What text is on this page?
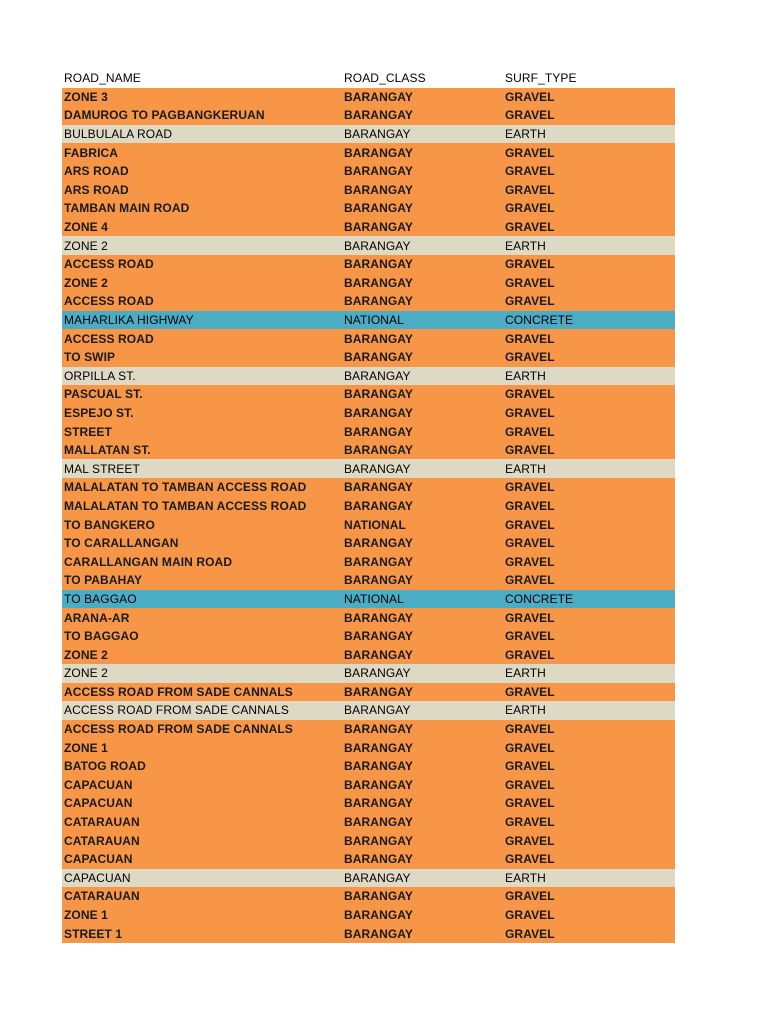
ROAD_NAME	ROAD_CLASS	SURF_TYPE
ZONE 3	BARANGAY	GRAVEL
DAMUROG TO PAGBANGKERUAN	BARANGAY	GRAVEL
BULBULALA ROAD	BARANGAY	EARTH
FABRICA	BARANGAY	GRAVEL
ARS ROAD	BARANGAY	GRAVEL
ARS ROAD	BARANGAY	GRAVEL
TAMBAN MAIN ROAD	BARANGAY	GRAVEL
ZONE 4	BARANGAY	GRAVEL
ZONE 2	BARANGAY	EARTH
ACCESS ROAD	BARANGAY	GRAVEL
ZONE 2	BARANGAY	GRAVEL
ACCESS ROAD	BARANGAY	GRAVEL
MAHARLIKA HIGHWAY	NATIONAL	CONCRETE
ACCESS ROAD	BARANGAY	GRAVEL
TO SWIP	BARANGAY	GRAVEL
ORPILLA ST.	BARANGAY	EARTH
PASCUAL ST.	BARANGAY	GRAVEL
ESPEJO ST.	BARANGAY	GRAVEL
STREET	BARANGAY	GRAVEL
MALLATAN ST.	BARANGAY	GRAVEL
MAL STREET	BARANGAY	EARTH
MALALATAN TO TAMBAN ACCESS ROAD	BARANGAY	GRAVEL
MALALATAN TO TAMBAN ACCESS ROAD	BARANGAY	GRAVEL
TO BANGKERO	NATIONAL	GRAVEL
TO CARALLANGAN	BARANGAY	GRAVEL
CARALLANGAN MAIN ROAD	BARANGAY	GRAVEL
TO PABAHAY	BARANGAY	GRAVEL
TO BAGGAO	NATIONAL	CONCRETE
ARANA-AR	BARANGAY	GRAVEL
TO BAGGAO	BARANGAY	GRAVEL
ZONE 2	BARANGAY	GRAVEL
ZONE 2	BARANGAY	EARTH
ACCESS ROAD FROM SADE CANNALS	BARANGAY	GRAVEL
ACCESS ROAD FROM SADE CANNALS	BARANGAY	EARTH
ACCESS ROAD FROM SADE CANNALS	BARANGAY	GRAVEL
ZONE 1	BARANGAY	GRAVEL
BATOG ROAD	BARANGAY	GRAVEL
CAPACUAN	BARANGAY	GRAVEL
CAPACUAN	BARANGAY	GRAVEL
CATARAUAN	BARANGAY	GRAVEL
CATARAUAN	BARANGAY	GRAVEL
CAPACUAN	BARANGAY	GRAVEL
CAPACUAN	BARANGAY	EARTH
CATARAUAN	BARANGAY	GRAVEL
ZONE 1	BARANGAY	GRAVEL
STREET 1	BARANGAY	GRAVEL
